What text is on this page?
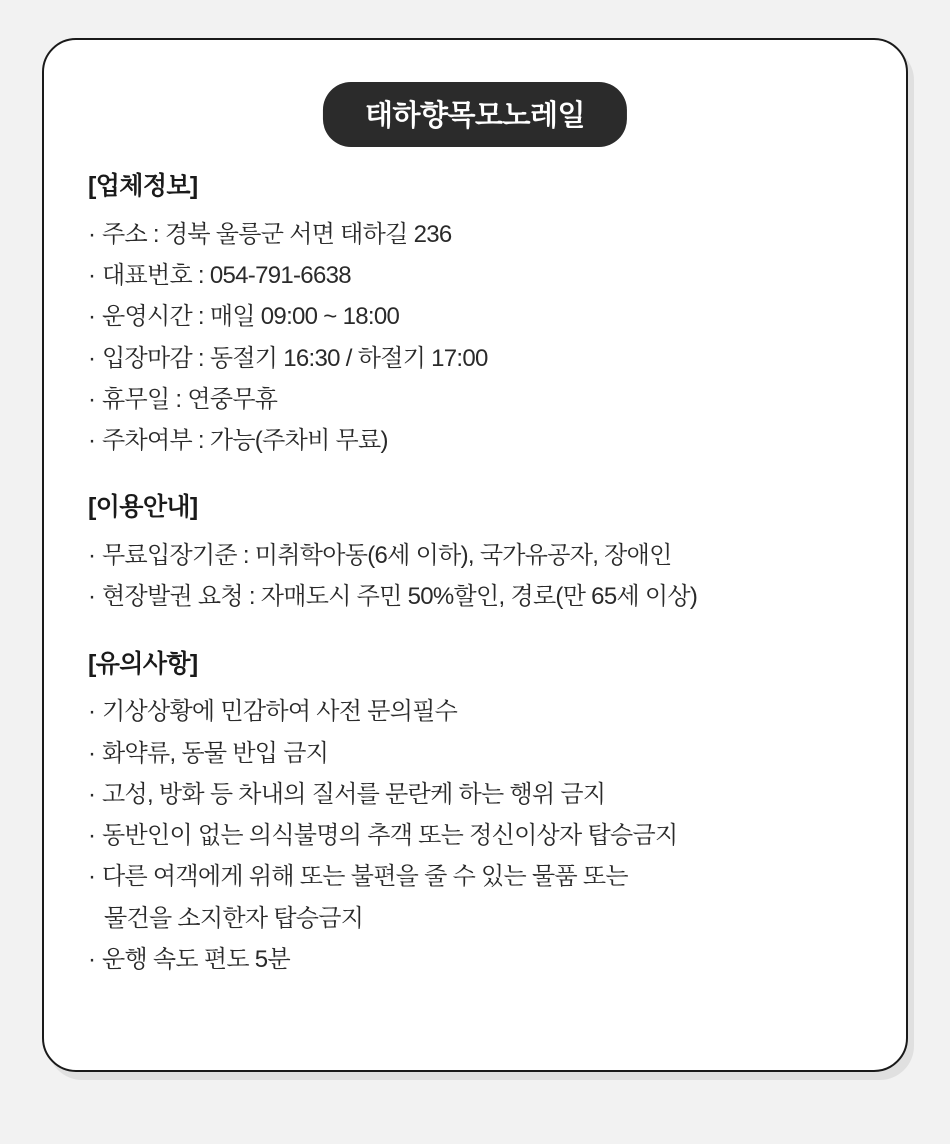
태하향목모노레일
[업체정보]
· 주소 : 경북 울릉군 서면 태하길 236
· 대표번호 : 054-791-6638
· 운영시간 : 매일 09:00 ~ 18:00
· 입장마감 : 동절기 16:30 / 하절기 17:00
· 휴무일 : 연중무휴
· 주차여부 : 가능(주차비 무료)
[이용안내]
· 무료입장기준 : 미취학아동(6세 이하), 국가유공자, 장애인
· 현장발권 요청 : 자매도시 주민 50%할인, 경로(만 65세 이상)
[유의사항]
· 기상상황에 민감하여 사전 문의필수
· 화약류, 동물 반입 금지
· 고성, 방화 등 차내의 질서를 문란케 하는 행위 금지
· 동반인이 없는 의식불명의 추객 또는 정신이상자 탑승금지
· 다른 여객에게 위해 또는 불편을 줄 수 있는 물품 또는
물건을 소지한자 탑승금지
· 운행 속도 편도 5분
